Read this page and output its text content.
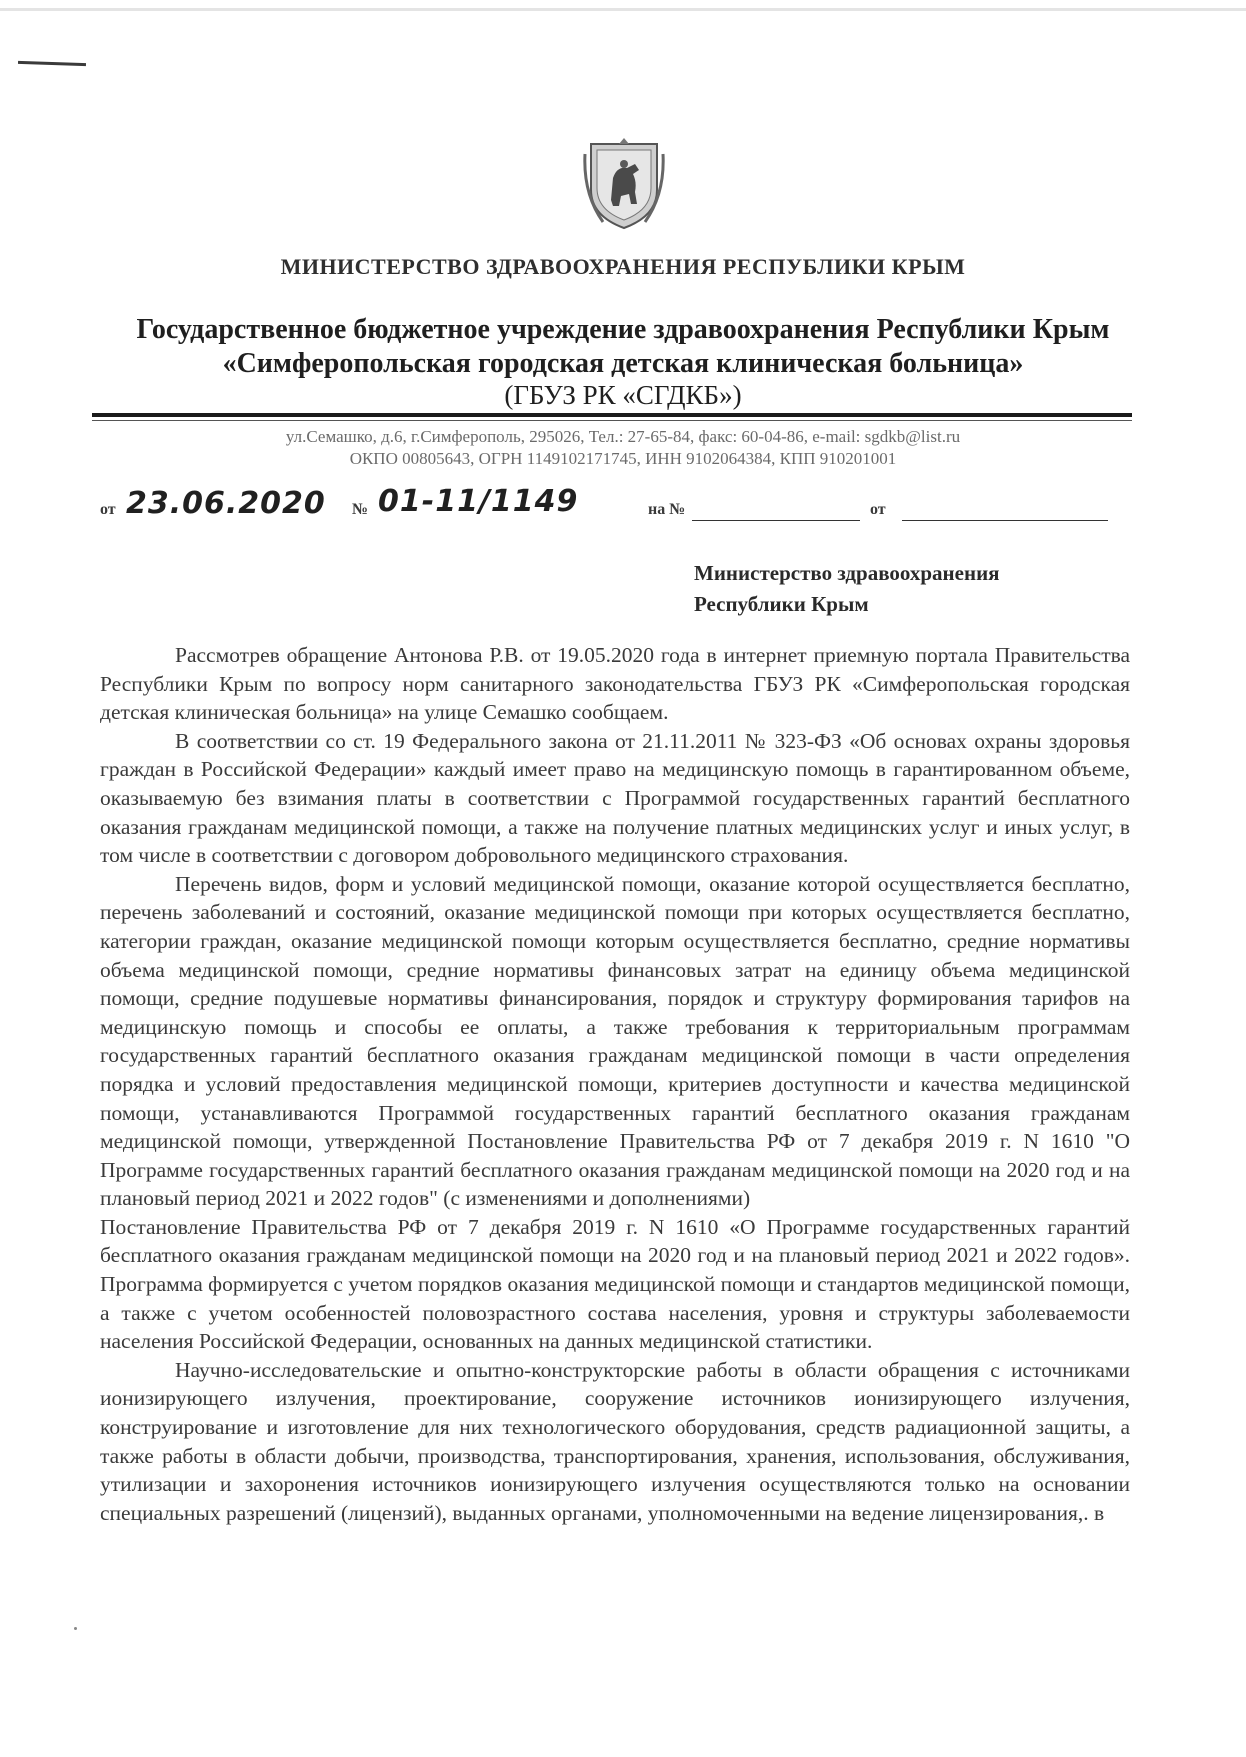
МИНИСТЕРСТВО ЗДРАВООХРАНЕНИЯ РЕСПУБЛИКИ КРЫМ
Государственное бюджетное учреждение здравоохранения Республики Крым
«Симферопольская городская детская клиническая больница»
(ГБУЗ РК «СГДКБ»)
ул.Семашко, д.6, г.Симферополь, 295026, Тел.: 27-65-84, факс: 60-04-86, e-mail: sgdkb@list.ru
ОКПО 00805643, ОГРН 1149102171745, ИНН 9102064384, КПП 910201001
от 23.06.2020 № 01-11/1149	на №	от
Министерство здравоохранения
Республики Крым

Рассмотрев обращение Антонова Р.В. от 19.05.2020 года в интернет приемную портала Правительства Республики Крым по вопросу норм санитарного законодательства ГБУЗ РК «Симферопольская городская детская клиническая больница» на улице Семашко сообщаем.

В соответствии со ст. 19 Федерального закона от 21.11.2011 № 323-ФЗ «Об основах охраны здоровья граждан в Российской Федерации» каждый имеет право на медицинскую помощь в гарантированном объеме, оказываемую без взимания платы в соответствии с Программой государственных гарантий бесплатного оказания гражданам медицинской помощи, а также на получение платных медицинских услуг и иных услуг, в том числе в соответствии с договором добровольного медицинского страхования.

Перечень видов, форм и условий медицинской помощи, оказание которой осуществляется бесплатно, перечень заболеваний и состояний, оказание медицинской помощи при которых осуществляется бесплатно, категории граждан, оказание медицинской помощи которым осуществляется бесплатно, средние нормативы объема медицинской помощи, средние нормативы финансовых затрат на единицу объема медицинской помощи, средние подушевые нормативы финансирования, порядок и структуру формирования тарифов на медицинскую помощь и способы ее оплаты, а также требования к территориальным программам государственных гарантий бесплатного оказания гражданам медицинской помощи в части определения порядка и условий предоставления медицинской помощи, критериев доступности и качества медицинской помощи, устанавливаются Программой государственных гарантий бесплатного оказания гражданам медицинской помощи, утвержденной Постановление Правительства РФ от 7 декабря 2019 г. N 1610 "О Программе государственных гарантий бесплатного оказания гражданам медицинской помощи на 2020 год и на плановый период 2021 и 2022 годов" (с изменениями и дополнениями)

Постановление Правительства РФ от 7 декабря 2019 г. N 1610 «О Программе государственных гарантий бесплатного оказания гражданам медицинской помощи на 2020 год и на плановый период 2021 и 2022 годов». Программа формируется с учетом порядков оказания медицинской помощи и стандартов медицинской помощи, а также с учетом особенностей половозрастного состава населения, уровня и структуры заболеваемости населения Российской Федерации, основанных на данных медицинской статистики.

Научно-исследовательские и опытно-конструкторские работы в области обращения с источниками ионизирующего излучения, проектирование, сооружение источников ионизирующего излучения, конструирование и изготовление для них технологического оборудования, средств радиационной защиты, а также работы в области добычи, производства, транспортирования, хранения, использования, обслуживания, утилизации и захоронения источников ионизирующего излучения осуществляются только на основании специальных разрешений (лицензий), выданных органами, уполномоченными на ведение лицензирования,. в
